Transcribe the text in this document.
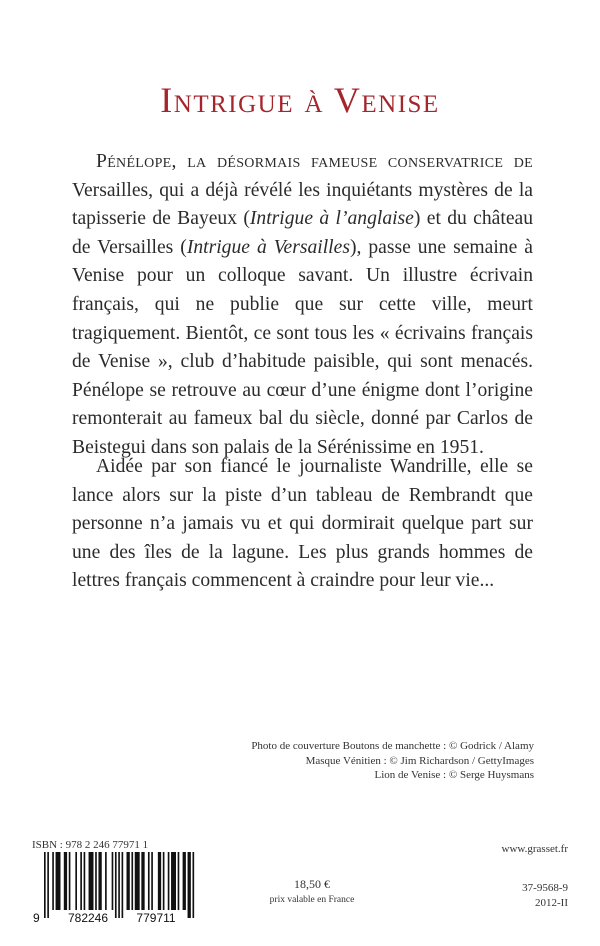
Intrigue à Venise

Pénélope, la désormais fameuse conservatrice de Versailles, qui a déjà révélé les inquiétants mystères de la tapisserie de Bayeux (Intrigue à l’anglaise) et du château de Versailles (Intrigue à Versailles), passe une semaine à Venise pour un colloque savant. Un illustre écrivain français, qui ne publie que sur cette ville, meurt tragiquement. Bientôt, ce sont tous les « écrivains français de Venise », club d’habitude paisible, qui sont menacés. Pénélope se retrouve au cœur d’une énigme dont l’origine remonterait au fameux bal du siècle, donné par Carlos de Beistegui dans son palais de la Sérénissime en 1951.

Aidée par son fiancé le journaliste Wandrille, elle se lance alors sur la piste d’un tableau de Rembrandt que personne n’a jamais vu et qui dormirait quelque part sur une des îles de la lagune. Les plus grands hommes de lettres français commencent à craindre pour leur vie...

Photo de couverture Boutons de manchette : © Godrick / Alamy
Masque Vénitien : © Jim Richardson / GettyImages
Lion de Venise : © Serge Huysmans
ISBN : 978 2 246 77971 1
9 782246 779711
18,50 €
prix valable en France
www.grasset.fr
37-9568-9
2012-II
